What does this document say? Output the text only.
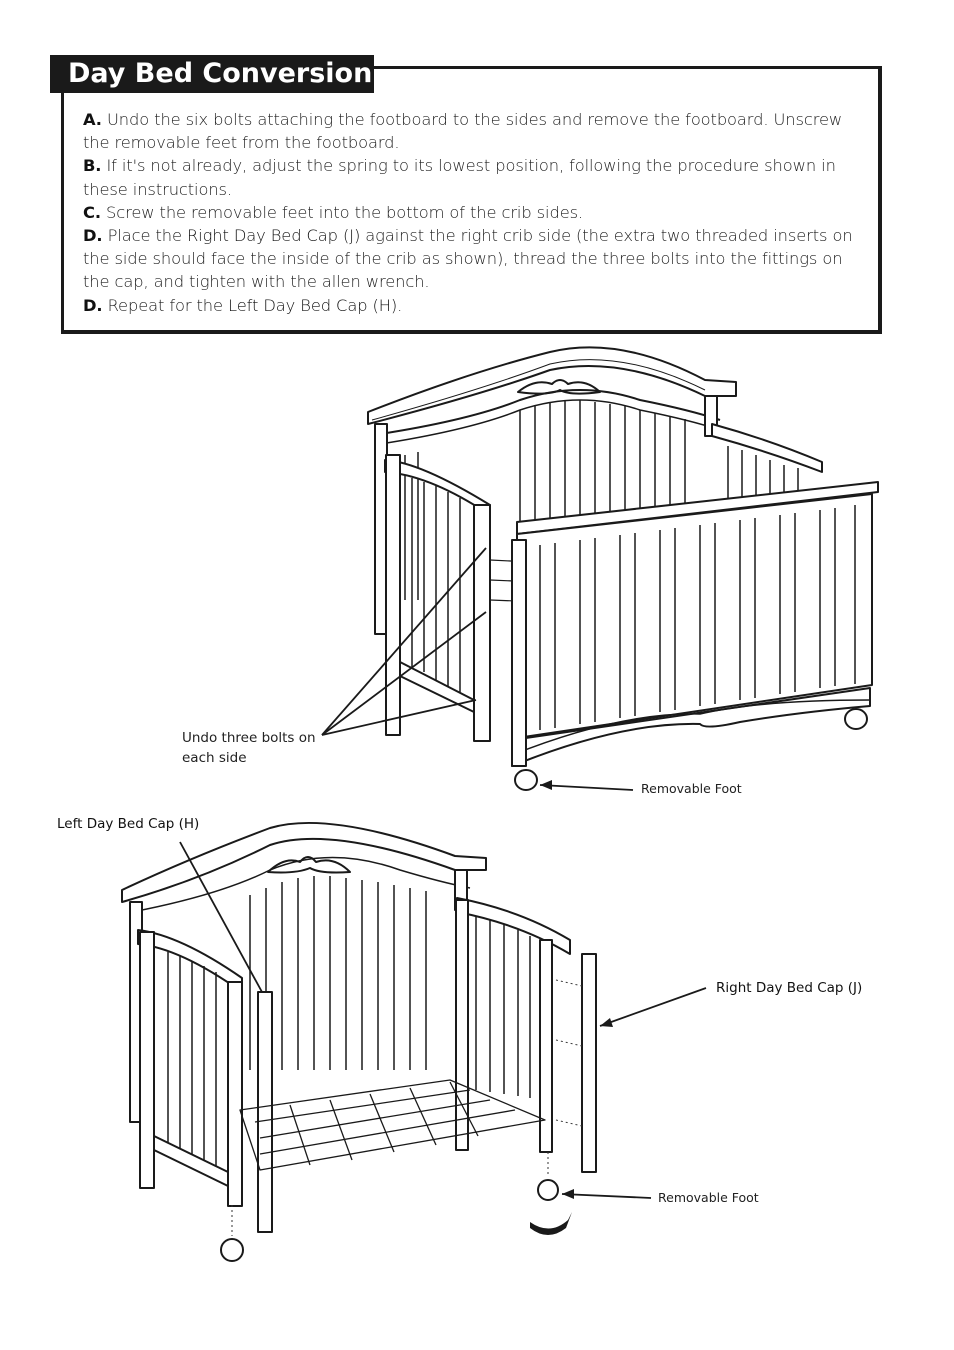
Day Bed Conversion

A. Undo the six bolts attaching the footboard to the sides and remove the footboard. Unscrew the removable feet from the footboard.

B. If it's not already, adjust the spring to its lowest position, following the procedure shown in these instructions.

C. Screw the removable feet into the bottom of the crib sides.

D. Place the Right Day Bed Cap (J) against the right crib side (the extra two threaded inserts on the side should face the inside of the crib as shown), thread the three bolts into the fittings on the cap, and tighten with the allen wrench.

D. Repeat for the Left Day Bed Cap (H).

Undo three bolts on each side
Removable Foot
Left Day Bed Cap (H)
Right Day Bed Cap (J)
Removable Foot
